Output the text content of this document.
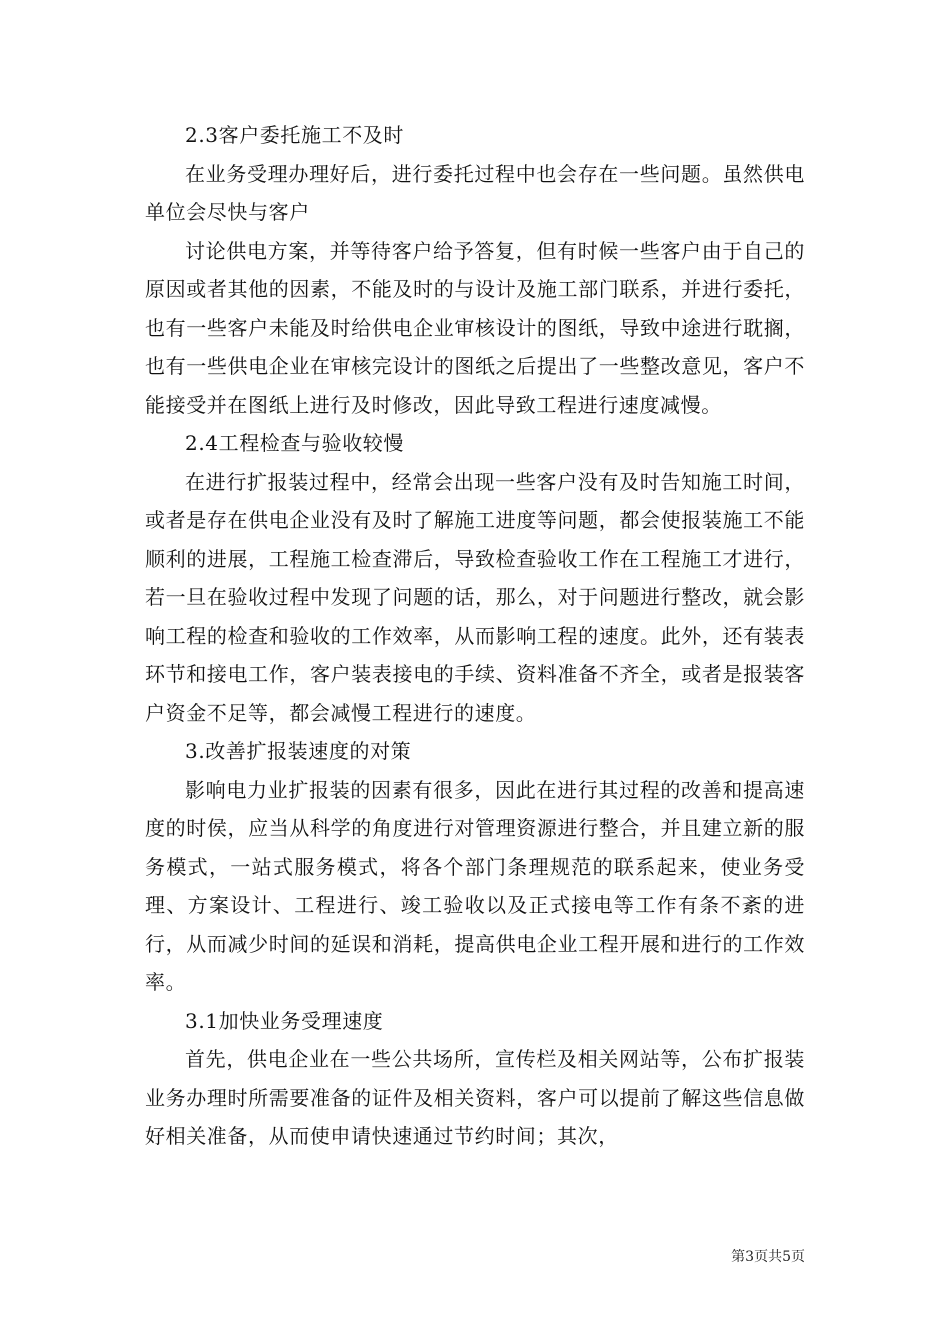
2.3客户委托施工不及时

在业务受理办理好后，进行委托过程中也会存在一些问题。虽然供电单位会尽快与客户

讨论供电方案，并等待客户给予答复，但有时候一些客户由于自己的原因或者其他的因素，不能及时的与设计及施工部门联系，并进行委托，也有一些客户未能及时给供电企业审核设计的图纸，导致中途进行耽搁，也有一些供电企业在审核完设计的图纸之后提出了一些整改意见，客户不能接受并在图纸上进行及时修改，因此导致工程进行速度减慢。

2.4工程检查与验收较慢

在进行扩报装过程中，经常会出现一些客户没有及时告知施工时间，或者是存在供电企业没有及时了解施工进度等问题，都会使报装施工不能顺利的进展，工程施工检查滞后，导致检查验收工作在工程施工才进行，若一旦在验收过程中发现了问题的话，那么，对于问题进行整改，就会影响工程的检查和验收的工作效率，从而影响工程的速度。此外，还有装表环节和接电工作，客户装表接电的手续、资料准备不齐全，或者是报装客户资金不足等，都会减慢工程进行的速度。

3.改善扩报装速度的对策

影响电力业扩报装的因素有很多，因此在进行其过程的改善和提高速度的时侯，应当从科学的角度进行对管理资源进行整合，并且建立新的服务模式，一站式服务模式，将各个部门条理规范的联系起来，使业务受理、方案设计、工程进行、竣工验收以及正式接电等工作有条不紊的进行，从而减少时间的延误和消耗，提高供电企业工程开展和进行的工作效率。

3.1加快业务受理速度

首先，供电企业在一些公共场所，宣传栏及相关网站等，公布扩报装业务办理时所需要准备的证件及相关资料，客户可以提前了解这些信息做好相关准备，从而使申请快速通过节约时间；其次，

第3页共5页
